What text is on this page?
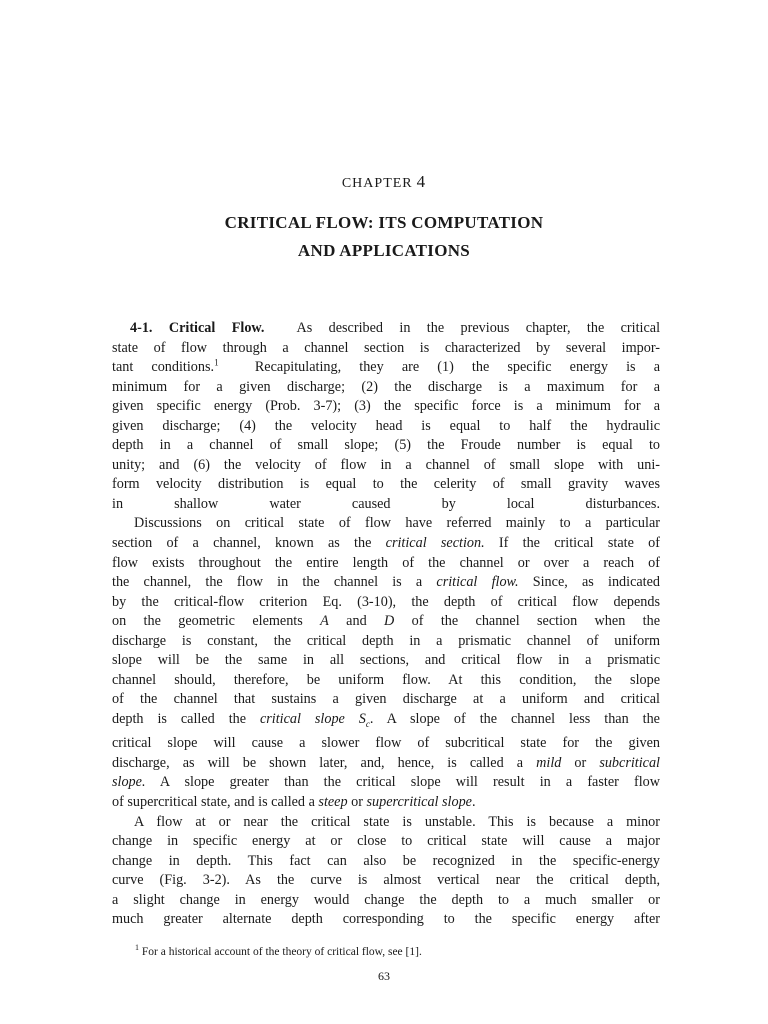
CHAPTER 4
CRITICAL FLOW: ITS COMPUTATION
AND APPLICATIONS
4-1. Critical Flow. As described in the previous chapter, the critical
state of flow through a channel section is characterized by several impor-
tant conditions.$^1$	Recapitulating, they are (1) the specific energy is a
minimum for a given discharge; (2) the discharge is a maximum for a
given specific energy (Prob. 3-7); (3) the specific force is a minimum for a
given discharge; (4) the velocity head is equal to half the hydraulic
depth in a channel of small slope; (5) the Froude number is equal to
unity; and (6) the velocity of flow in a channel of small slope with uni-
form velocity distribution is equal to the celerity of small gravity waves
in shallow water caused by local disturbances.
Discussions on critical state of flow have referred mainly to a particular
section of a channel, known as the critical section. If the critical state of
flow exists throughout the entire length of the channel or over a reach of
the channel, the flow in the channel is a critical flow. Since, as indicated
by the critical-flow criterion Eq. (3-10), the depth of critical flow depends
on the geometric elements A and D of the channel section when the
discharge is constant, the critical depth in a prismatic channel of uniform
slope will be the same in all sections, and critical flow in a prismatic
channel should, therefore, be uniform flow. At this condition, the slope
of the channel that sustains a given discharge at a uniform and critical
depth is called the critical slope $S_c$. A slope of the channel less than the
critical slope will cause a slower flow of subcritical state for the given
discharge, as will be shown later, and, hence, is called a mild or subcritical
slope. A slope greater than the critical slope will result in a faster flow
of supercritical state, and is called a steep or supercritical slope.
A flow at or near the critical state is unstable. This is because a minor
change in specific energy at or close to critical state will cause a major
change in depth. This fact can also be recognized in the specific-energy
curve (Fig. 3-2). As the curve is almost vertical near the critical depth,
a slight change in energy would change the depth to a much smaller or
much greater alternate depth corresponding to the specific energy after
$^1$ For a historical account of the theory of critical flow, see [1].
63
